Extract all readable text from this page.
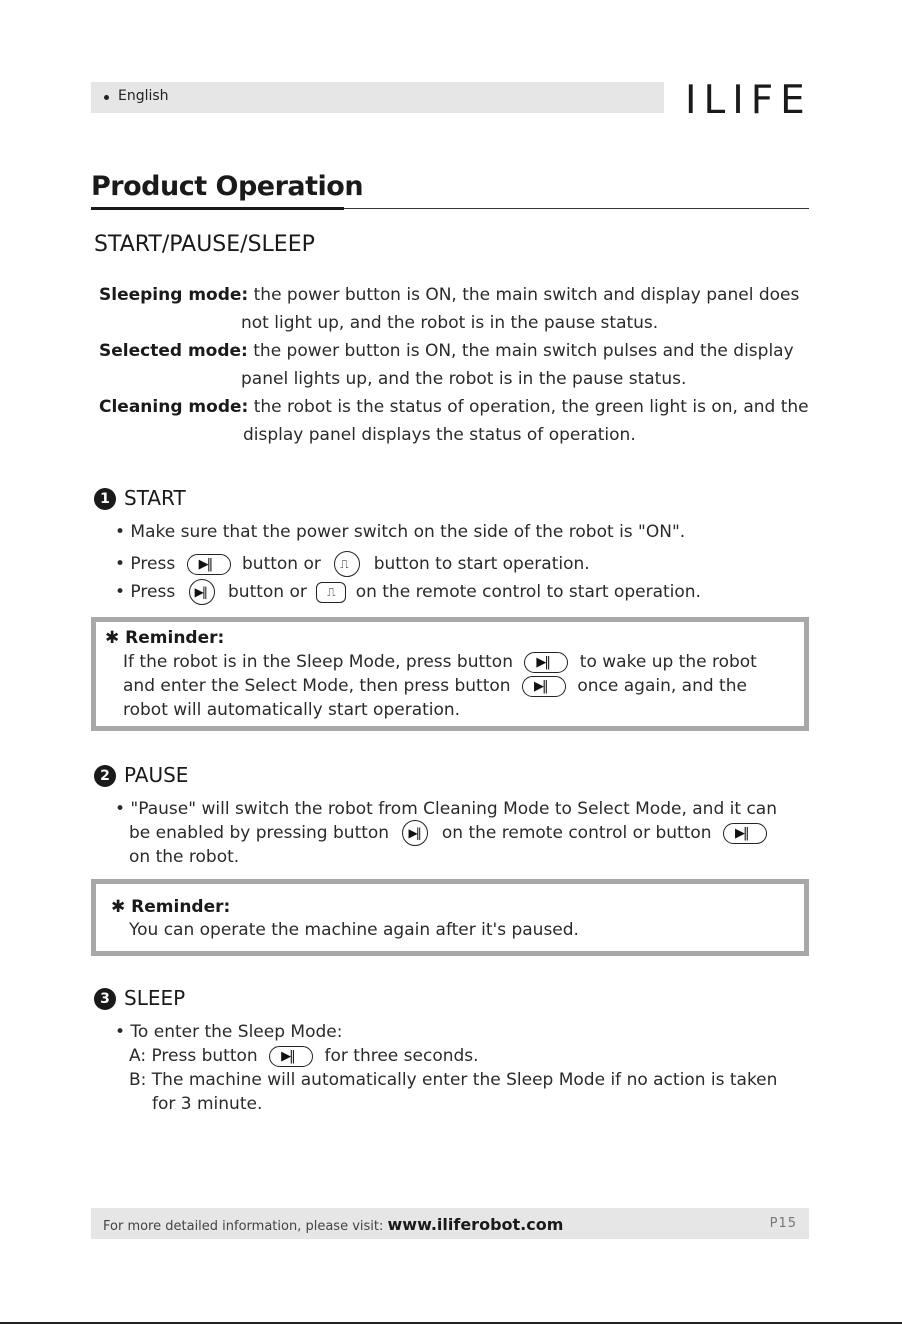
English	ILIFE
Product Operation
START/PAUSE/SLEEP
Sleeping mode: the power button is ON, the main switch and display panel does
not light up, and the robot is in the pause status.
Selected mode: the power button is ON, the main switch pulses and the display
panel lights up, and the robot is in the pause status.
Cleaning mode: the robot is the status of operation, the green light is on, and the
display panel displays the status of operation.
1 START
• Make sure that the power switch on the side of the robot is "ON".
• Press ▶‖ button or ⎍ button to start operation.
• Press ▶‖ button or ⎍ on the remote control to start operation.
✱ Reminder:
If the robot is in the Sleep Mode, press button ▶‖ to wake up the robot
and enter the Select Mode, then press button ▶‖ once again, and the
robot will automatically start operation.
2 PAUSE
• "Pause" will switch the robot from Cleaning Mode to Select Mode, and it can
be enabled by pressing button ▶‖ on the remote control or button ▶‖
on the robot.
✱ Reminder:
You can operate the machine again after it's paused.
3 SLEEP
• To enter the Sleep Mode:
A: Press button ▶‖ for three seconds.
B: The machine will automatically enter the Sleep Mode if no action is taken
for 3 minute.
For more detailed information, please visit: www.iliferobot.com	P15
